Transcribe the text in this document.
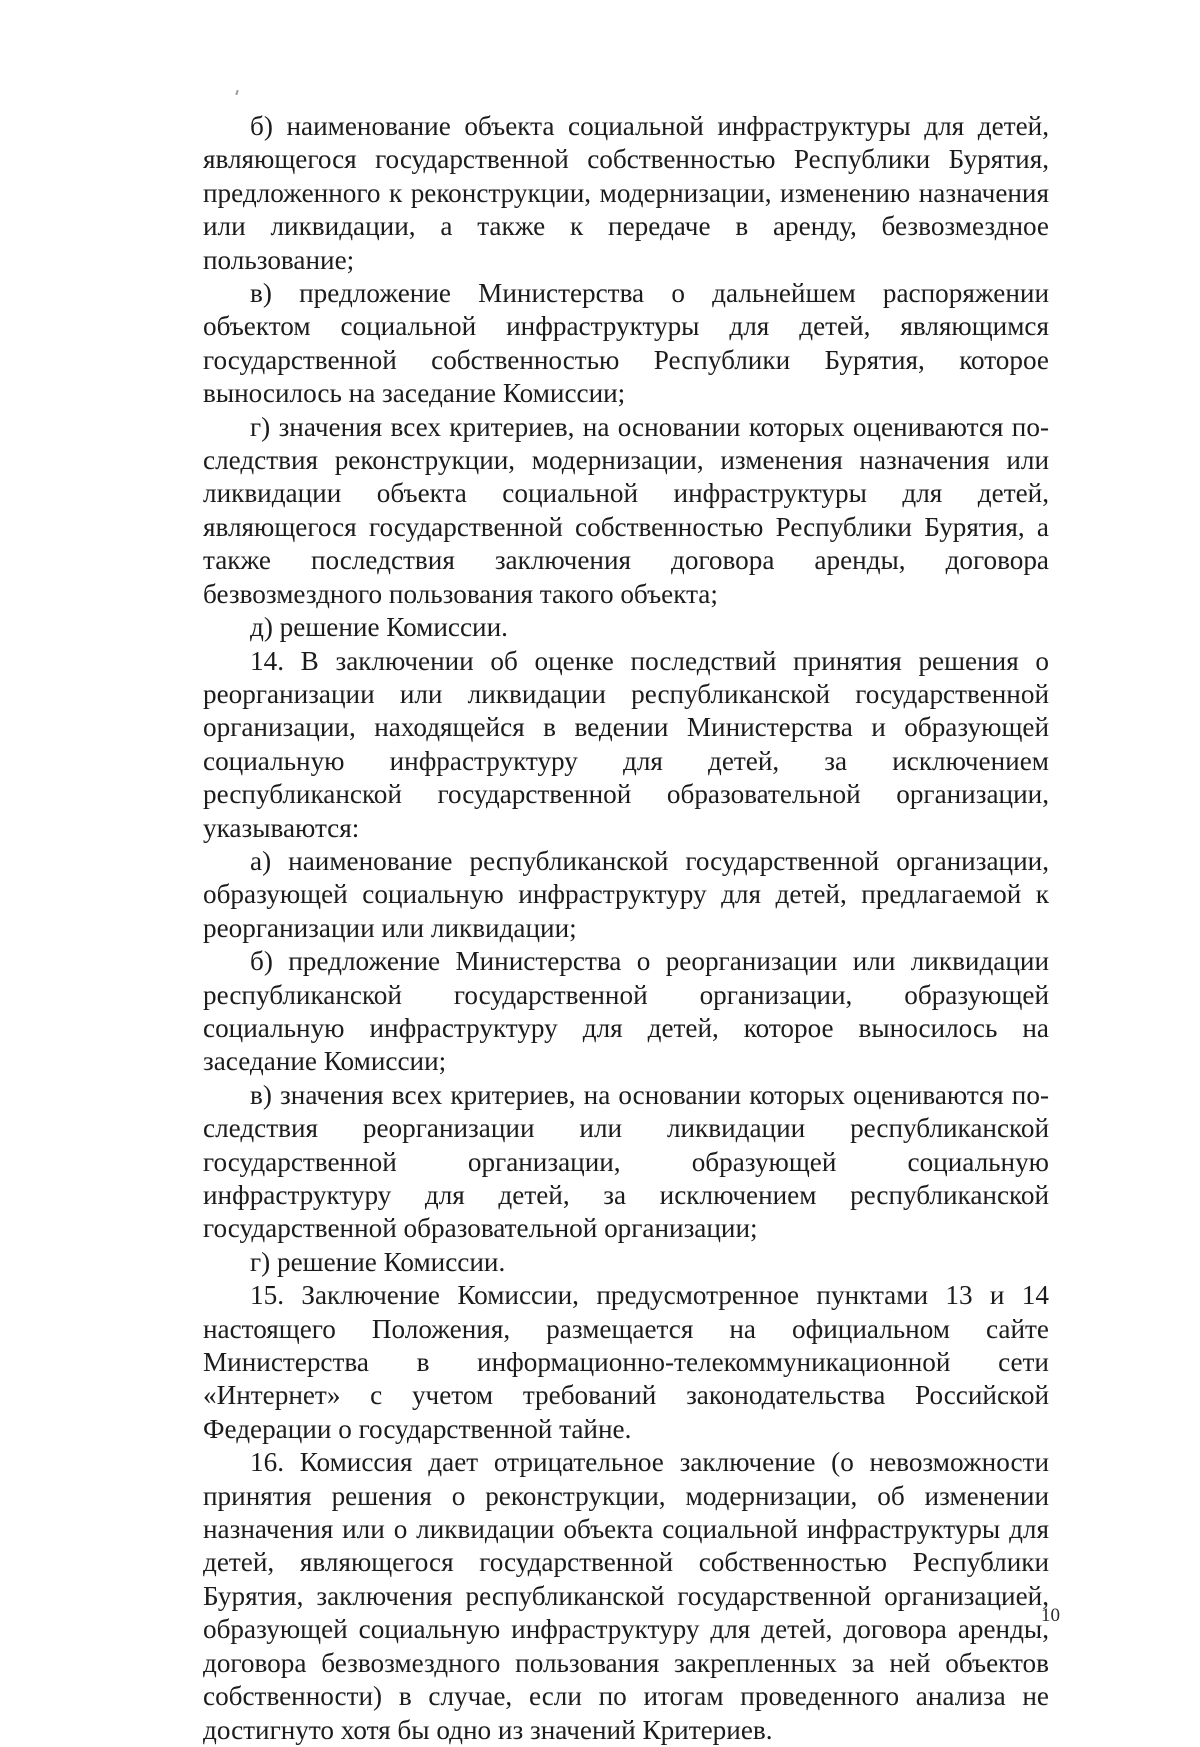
б) наименование объекта социальной инфраструктуры для детей, являющегося государственной собственностью Республики Бурятия, предложенного к реконструкции, модернизации, изменению назначения или ликвидации, а также к передаче в аренду, безвозмездное пользование;

в) предложение Министерства о дальнейшем распоряжении объектом социальной инфраструктуры для детей, являющимся государственной собственностью Республики Бурятия, которое выносилось на заседание Комиссии;

г) значения всех критериев, на основании которых оцениваются последствия реконструкции, модернизации, изменения назначения или ликвидации объекта социальной инфраструктуры для детей, являющегося государственной собственностью Республики Бурятия, а также последствия заключения договора аренды, договора безвозмездного пользования такого объекта;

д) решение Комиссии.

14. В заключении об оценке последствий принятия решения о реорганизации или ликвидации республиканской государственной организации, находящейся в ведении Министерства и образующей социальную инфраструктуру для детей, за исключением республиканской государственной образовательной организации, указываются:

а) наименование республиканской государственной организации, образующей социальную инфраструктуру для детей, предлагаемой к реорганизации или ликвидации;

б) предложение Министерства о реорганизации или ликвидации республиканской государственной организации, образующей социальную инфраструктуру для детей, которое выносилось на заседание Комиссии;

в) значения всех критериев, на основании которых оцениваются последствия реорганизации или ликвидации республиканской государственной организации, образующей социальную инфраструктуру для детей, за исключением республиканской государственной образовательной организации;

г) решение Комиссии.

15. Заключение Комиссии, предусмотренное пунктами 13 и 14 настоящего Положения, размещается на официальном сайте Министерства в информационно-телекоммуникационной сети «Интернет» с учетом требований законодательства Российской Федерации о государственной тайне.

16. Комиссия дает отрицательное заключение (о невозможности принятия решения о реконструкции, модернизации, об изменении назначения или о ликвидации объекта социальной инфраструктуры для детей, являющегося государственной собственностью Республики Бурятия, заключения республиканской государственной организацией, образующей социальную инфраструктуру для детей, договора аренды, договора безвозмездного пользования закрепленных за ней объектов собственности) в случае, если по итогам проведенного анализа не достигнуто хотя бы одно из значений Критериев.

10
